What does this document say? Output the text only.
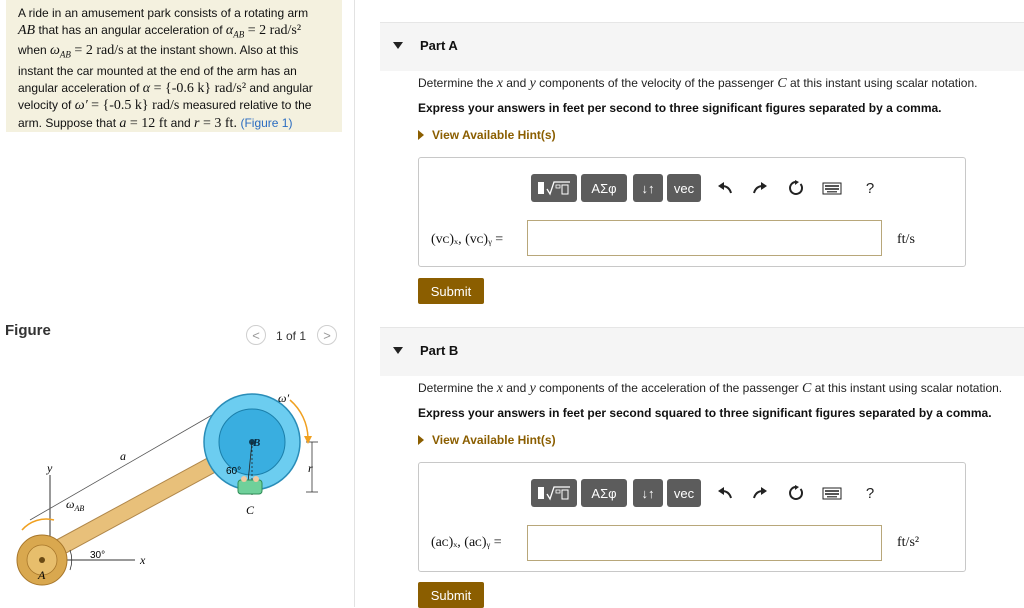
A ride in an amusement park consists of a rotating arm
AB that has an angular acceleration of $\alpha_{AB} = 2$ rad/s²
when $\omega_{AB} = 2$ rad/s at the instant shown. Also at this
instant the car mounted at the end of the arm has an
angular acceleration of α = {-0.6 k} rad/s² and angular
velocity of ω′ = {-0.5 k} rad/s measured relative to the
arm. Suppose that a = 12 ft and r = 3 ft. (Figure 1)
Figure	< 1 of 1 >
ω′
B
a
r
y
x
60°
30°
C
A
$\omega_{AB}$
Part A
Determine the x and y components of the velocity of the passenger C at this instant using scalar notation.
Express your answers in feet per second to three significant figures separated by a comma.
View Available Hint(s)
ΑΣφ ↓↑ vec	?
(vᴄ)ₓ, (vᴄ)ᵧ =	ft/s
Submit
Part B
Determine the x and y components of the acceleration of the passenger C at this instant using scalar notation.
Express your answers in feet per second squared to three significant figures separated by a comma.
View Available Hint(s)
ΑΣφ ↓↑ vec	?
(aᴄ)ₓ, (aᴄ)ᵧ =	ft/s²
Submit
